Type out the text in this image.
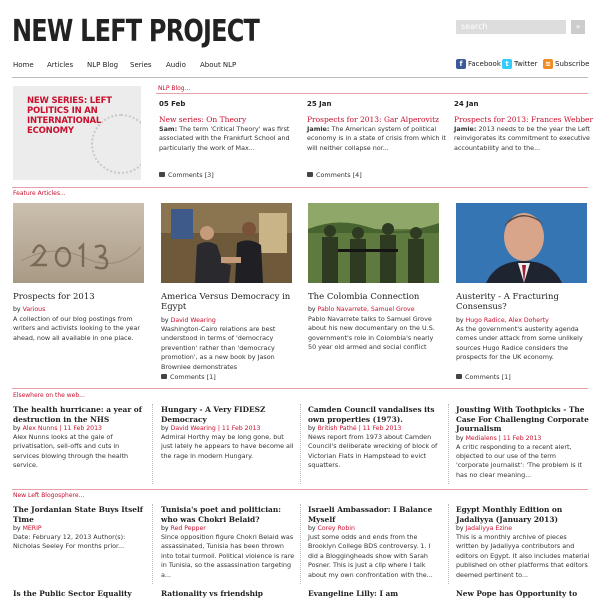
NEW LEFT PROJECT	search	»
Home Articles NLP Blog Series Audio About NLP	f Facebook t Twitter ≋ Subscribe
NEW SERIES: LEFT POLITICS IN AN INTERNATIONAL ECONOMY
NLP Blog...
05 Feb
New series: On Theory
Sam: The term 'Critical Theory' was first associated with the Frankfurt School and particularly the work of Max...
Comments [3]
25 Jan
Prospects for 2013: Gar Alperovitz
Jamie: The American system of political economy is in a state of crisis from which it will neither collapse nor...
Comments [4]
24 Jan
Prospects for 2013: Frances Webber
Jamie: 2013 needs to be the year the Left reinvigorates its commitment to executive accountability and to the...
Feature Articles...
Prospects for 2013
by Various
A collection of our blog postings from writers and activists looking to the year ahead, now all available in one place.
America Versus Democracy in Egypt
by David Wearing
Washington-Cairo relations are best understood in terms of 'democracy prevention' rather than 'democracy promotion', as a new book by Jason Brownlee demonstrates
Comments [1]
The Colombia Connection
by Pablo Navarrete, Samuel Grove
Pablo Navarrete talks to Samuel Grove about his new documentary on the U.S. government's role in Colombia's nearly 50 year old armed and social conflict
Austerity - A Fracturing Consensus?
by Hugo Radice, Alex Doherty
As the government's austerity agenda comes under attack from some unlikely sources Hugo Radice considers the prospects for the UK economy.
Comments [1]
Elsewhere on the web...
The health hurricane: a year of destruction in the NHS
by Alex Nunns | 11 Feb 2013
Alex Nunns looks at the gale of privatisation, sell-offs and cuts in services blowing through the health service.
Hungary - A Very FIDESZ Democracy
by David Wearing | 11 Feb 2013
Admiral Horthy may be long gone, but just lately he appears to have become all the rage in modern Hungary.
Camden Council vandalises its own properties (1973).
by British Pathé | 11 Feb 2013
News report from 1973 about Camden Council's deliberate wrecking of block of Victorian Flats in Hampstead to evict squatters.
Jousting With Toothpicks - The Case For Challenging Corporate Journalism
by Medialens | 11 Feb 2013
A critic responding to a recent alert, objected to our use of the term 'corporate journalist': 'The problem is it has no clear meaning...
New Left Blogosphere...
The Jordanian State Buys Itself Time
by MERIP
Date: February 12, 2013 Author(s): Nicholas Seeley For months prior...
Tunisia's poet and politician: who was Chokri Belaid?
by Red Pepper
Since opposition figure Chokri Belaid was assassinated, Tunisia has been thrown into total turmoil. Political violence is rare in Tunisia, so the assassination targeting a...
Israeli Ambassador: I Balance Myself
by Corey Robin
Just some odds and ends from the Brooklyn College BDS controversy. 1. I did a Bloggingheads show with Sarah Posner. This is just a clip where I talk about my own confrontation with the...
Egypt Monthly Edition on Jadaliyya (January 2013)
by Jadaliyya Ezine
This is a monthly archive of pieces written by Jadaliyya contributors and editors on Egypt. It also includes material published on other platforms that editors deemed pertinent to...
Is the Public Sector Equality	Rationality vs friendship	Evangeline Lilly: I am	New Pope has Opportunity to
